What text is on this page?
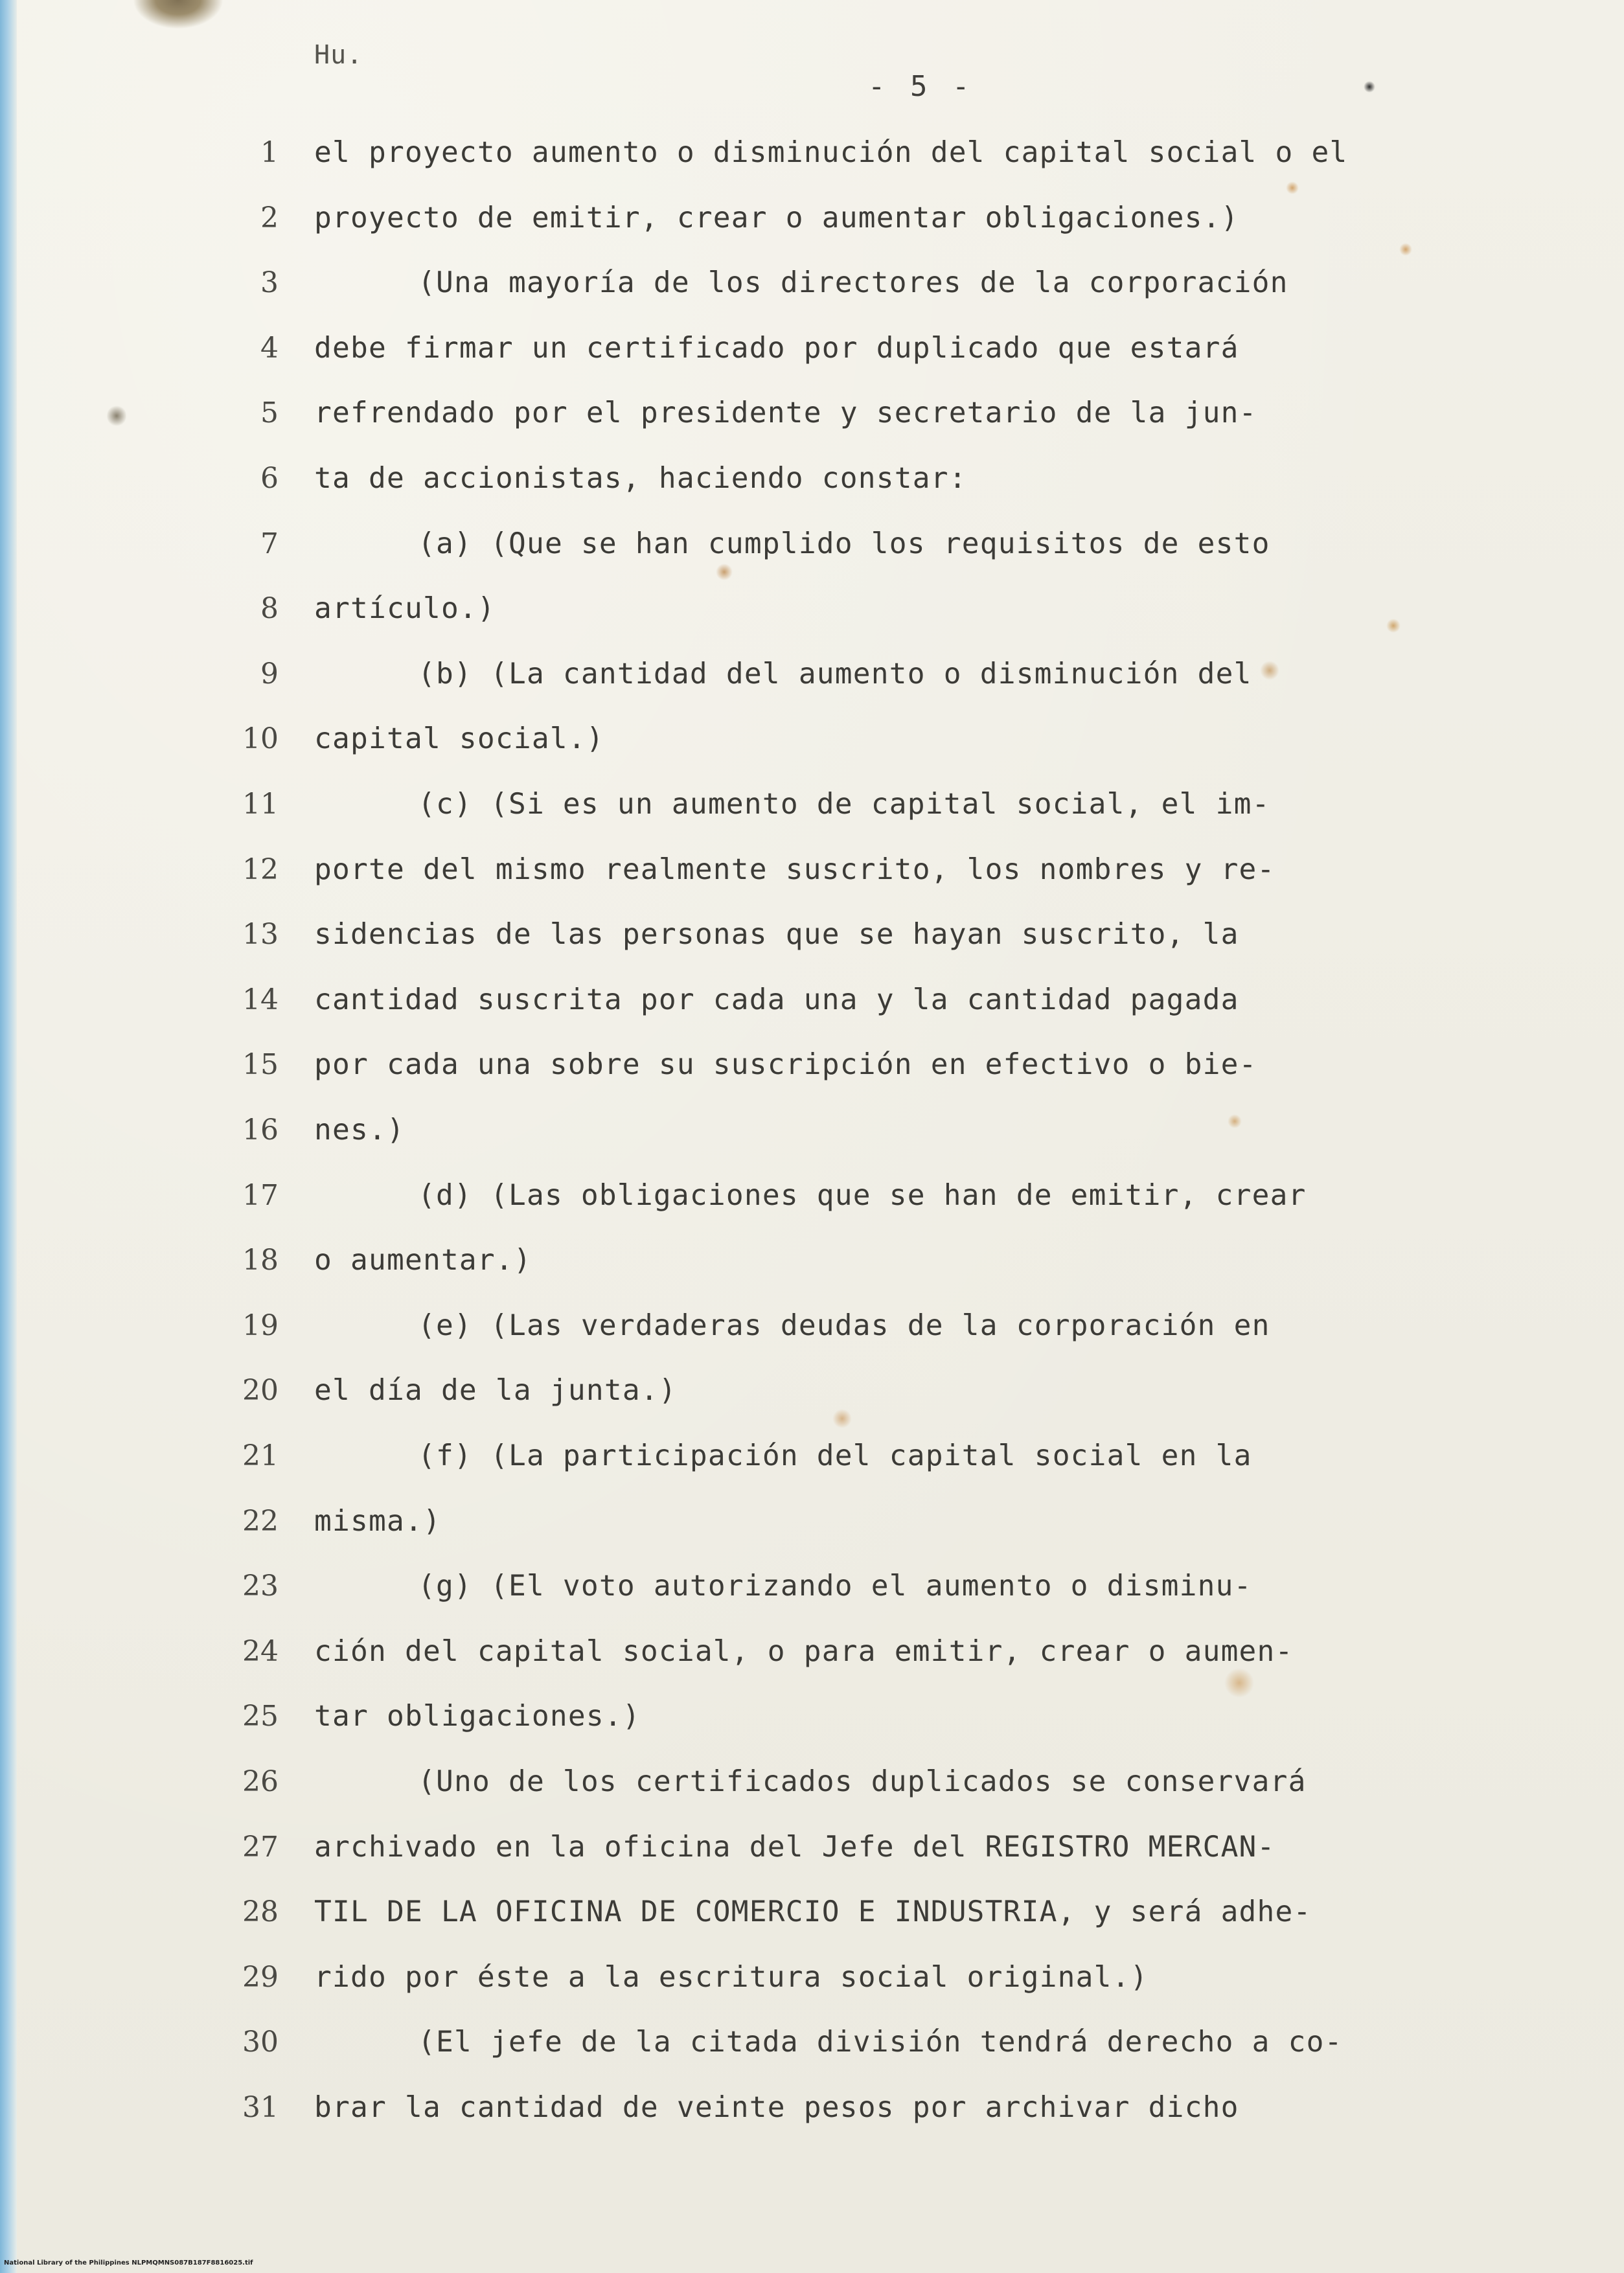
Hu.
- 5 -
1 el proyecto aumento o disminución del capital social o el
2 proyecto de emitir, crear o aumentar obligaciones.)
3	(Una mayoría de los directores de la corporación
4 debe firmar un certificado por duplicado que estará
5 refrendado por el presidente y secretario de la jun-
6 ta de accionistas, haciendo constar:
7	(a) (Que se han cumplido los requisitos de esto
8 artículo.)
9	(b) (La cantidad del aumento o disminución del
10 capital social.)
11	(c) (Si es un aumento de capital social, el im-
12 porte del mismo realmente suscrito, los nombres y re-
13 sidencias de las personas que se hayan suscrito, la
14 cantidad suscrita por cada una y la cantidad pagada
15 por cada una sobre su suscripción en efectivo o bie-
16 nes.)
17	(d) (Las obligaciones que se han de emitir, crear
18 o aumentar.)
19	(e) (Las verdaderas deudas de la corporación en
20 el día de la junta.)
21	(f) (La participación del capital social en la
22 misma.)
23	(g) (El voto autorizando el aumento o disminu-
24 ción del capital social, o para emitir, crear o aumen-
25 tar obligaciones.)
26	(Uno de los certificados duplicados se conservará
27 archivado en la oficina del Jefe del REGISTRO MERCAN-
28 TIL DE LA OFICINA DE COMERCIO E INDUSTRIA, y será adhe-
29 rido por éste a la escritura social original.)
30	(El jefe de la citada división tendrá derecho a co-
31 brar la cantidad de veinte pesos por archivar dicho
National Library of the Philippines NLPMQMNS087B187F8816025.tif
